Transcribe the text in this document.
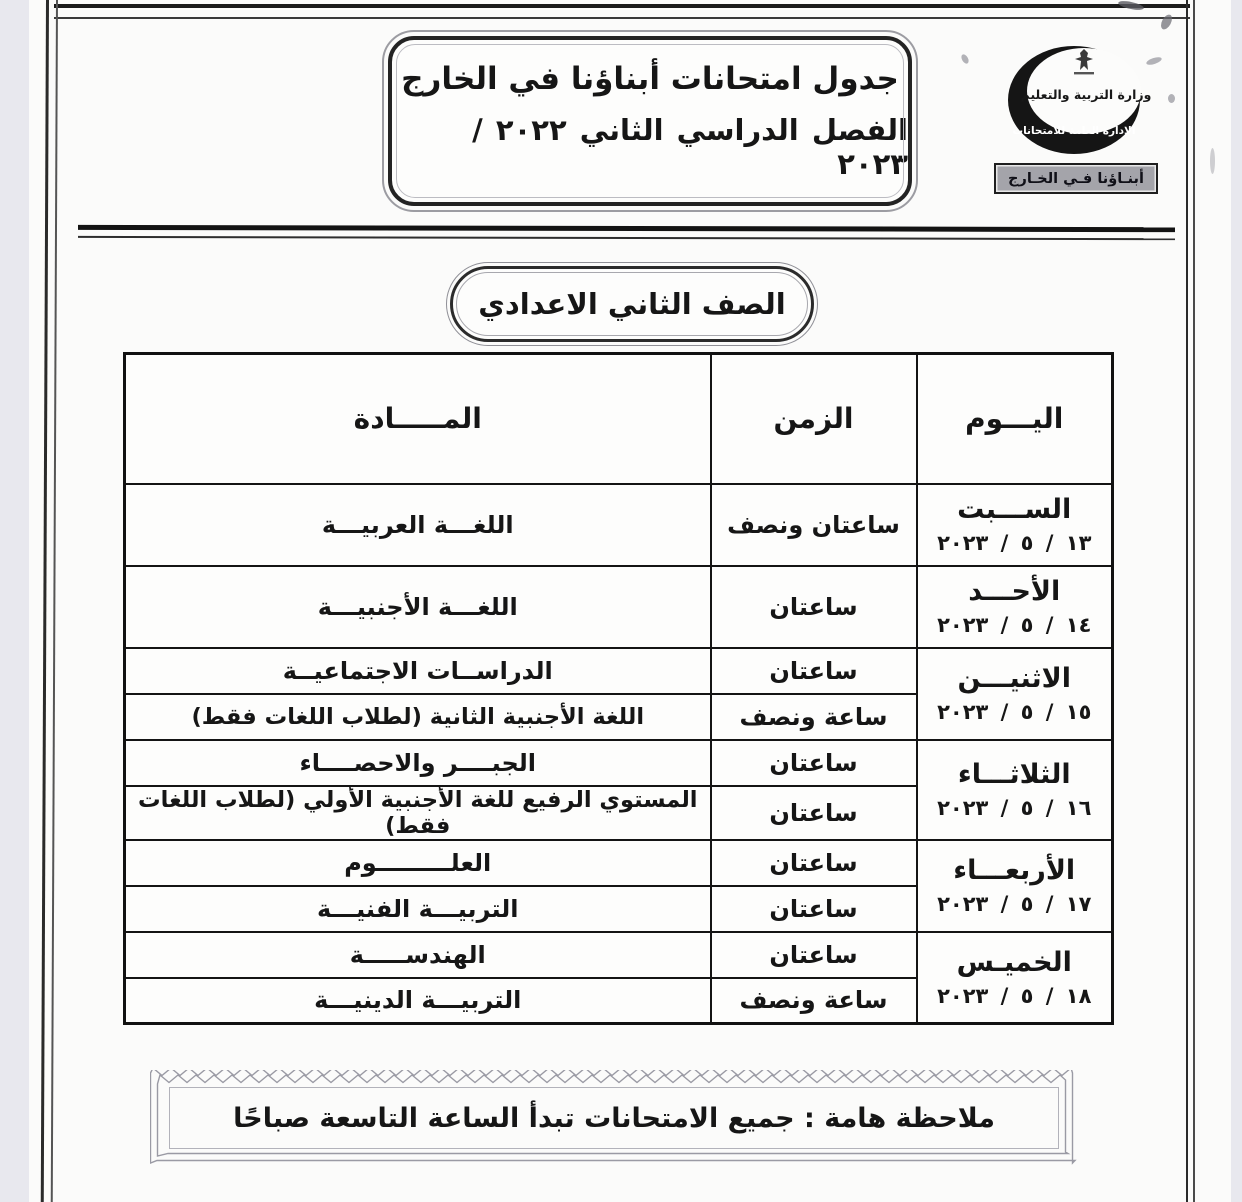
جدول امتحانات أبناؤنا في الخارج
الفصل الدراسي الثاني ٢٠٢٢ / ٢٠٢٣
وزارة التربية والتعليم
الإدارة العامة للامتحانات
أبنـاؤنا فـي الخـارج
الصف الثاني الاعدادي
اليـــوم	الزمن	المـــــادة

الســـبت
١٣ / ٥ / ٢٠٢٣	ساعتان ونصف	اللغـــة العربيـــة

الأحـــد
١٤ / ٥ / ٢٠٢٣	ساعتان	اللغـــة الأجنبيـــة

الاثنيـــن
١٥ / ٥ / ٢٠٢٣	ساعتان	الدراســات الاجتماعيــة
	ساعة ونصف	اللغة الأجنبية الثانية (لطلاب اللغات فقط)

الثلاثـــاء
١٦ / ٥ / ٢٠٢٣	ساعتان	الجبــــر والاحصــــاء
	ساعتان	المستوي الرفيع للغة الأجنبية الأولي (لطلاب اللغات فقط)

الأربعـــاء
١٧ / ٥ / ٢٠٢٣	ساعتان	العلـــــــــوم
	ساعتان	التربيـــة الفنيـــة

الخميـس
١٨ / ٥ / ٢٠٢٣	ساعتان	الهندســـــة
	ساعة ونصف	التربيـــة الدينيـــة
ملاحظة هامة : جميع الامتحانات تبدأ الساعة التاسعة صباحًا
